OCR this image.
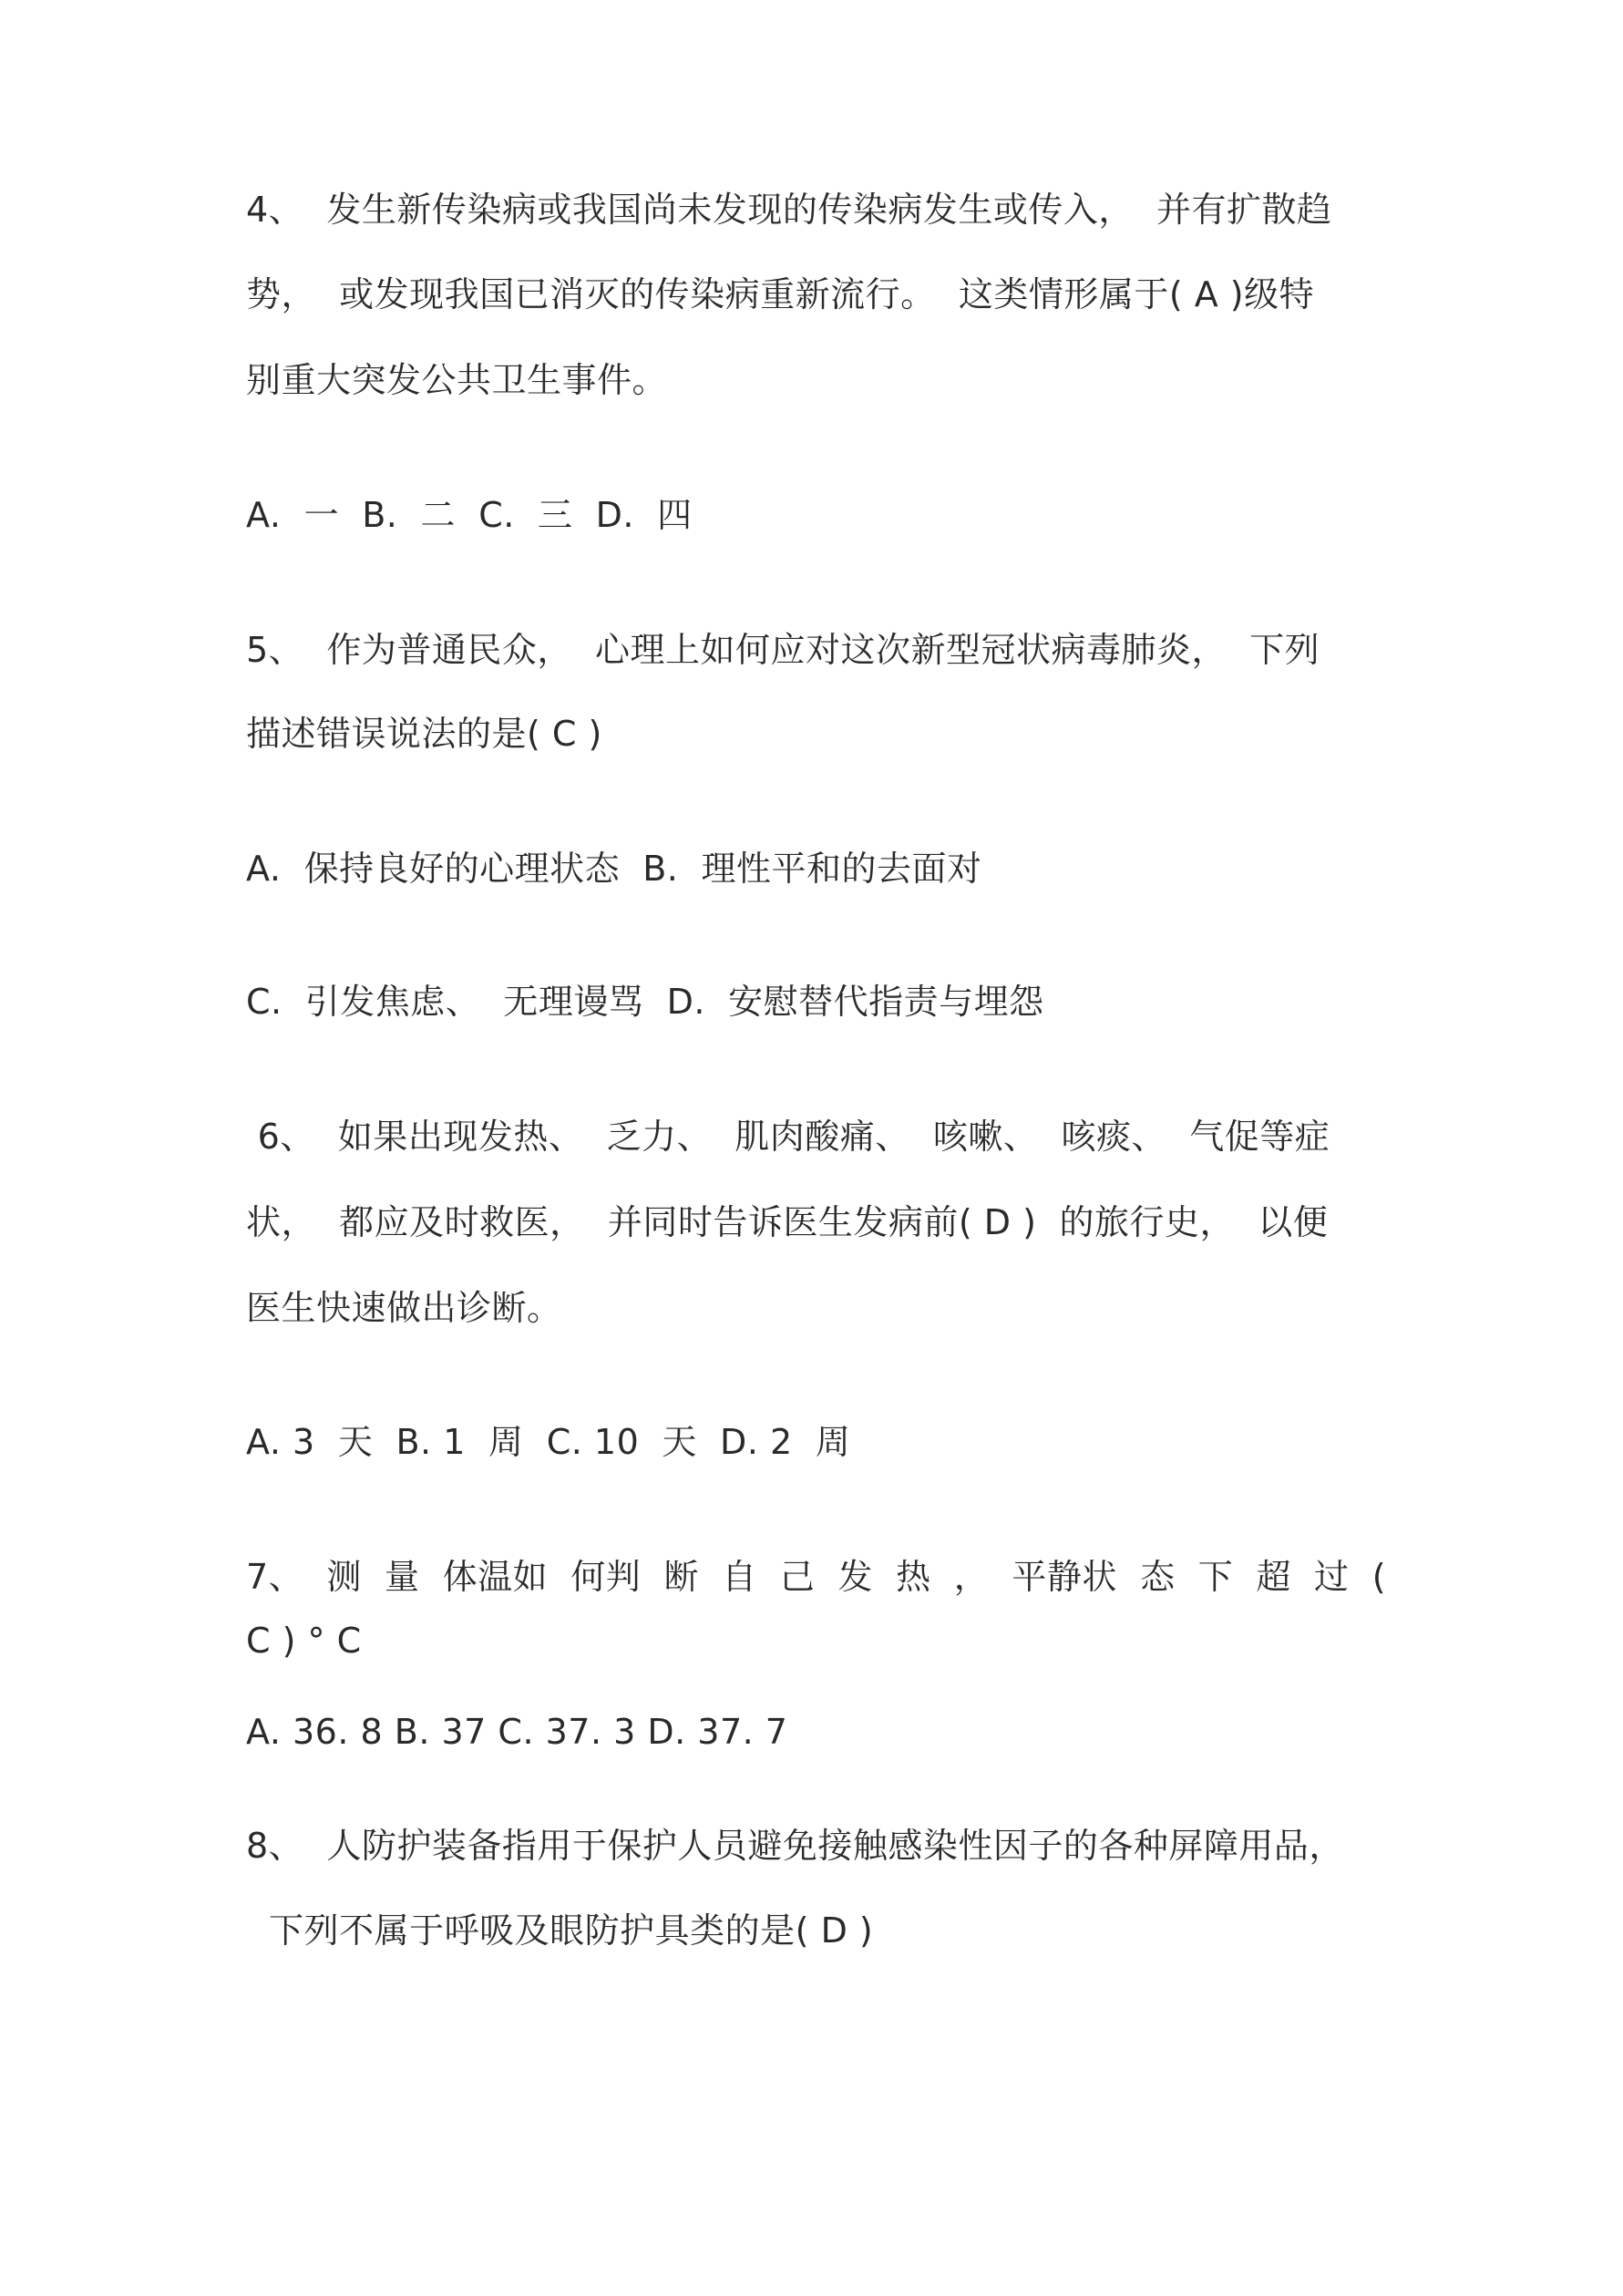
4、  发生新传染病或我国尚未发现的传染病发生或传入，  并有扩散趋

势，  或发现我国已消灭的传染病重新流行。  这类情形属于( A )级特

别重大突发公共卫生事件。

A.  一  B.  二  C.  三  D.  四

5、  作为普通民众，  心理上如何应对这次新型冠状病毒肺炎，  下列

描述错误说法的是( C )

A.  保持良好的心理状态  B.  理性平和的去面对

C.  引发焦虑、  无理谩骂  D.  安慰替代指责与埋怨

6、  如果出现发热、  乏力、  肌肉酸痛、  咳嗽、  咳痰、  气促等症

状，  都应及时救医，  并同时告诉医生发病前( D )  的旅行史，  以便

医生快速做出诊断。

A. 3  天  B. 1  周  C. 10  天  D. 2  周

7、  测  量  体温如  何判  断  自  己  发  热  ，  平静状  态  下  超  过  (

C ) ° C

A. 36. 8 B. 37 C. 37. 3 D. 37. 7

8、  人防护装备指用于保护人员避免接触感染性因子的各种屏障用品，

下列不属于呼吸及眼防护具类的是( D )
